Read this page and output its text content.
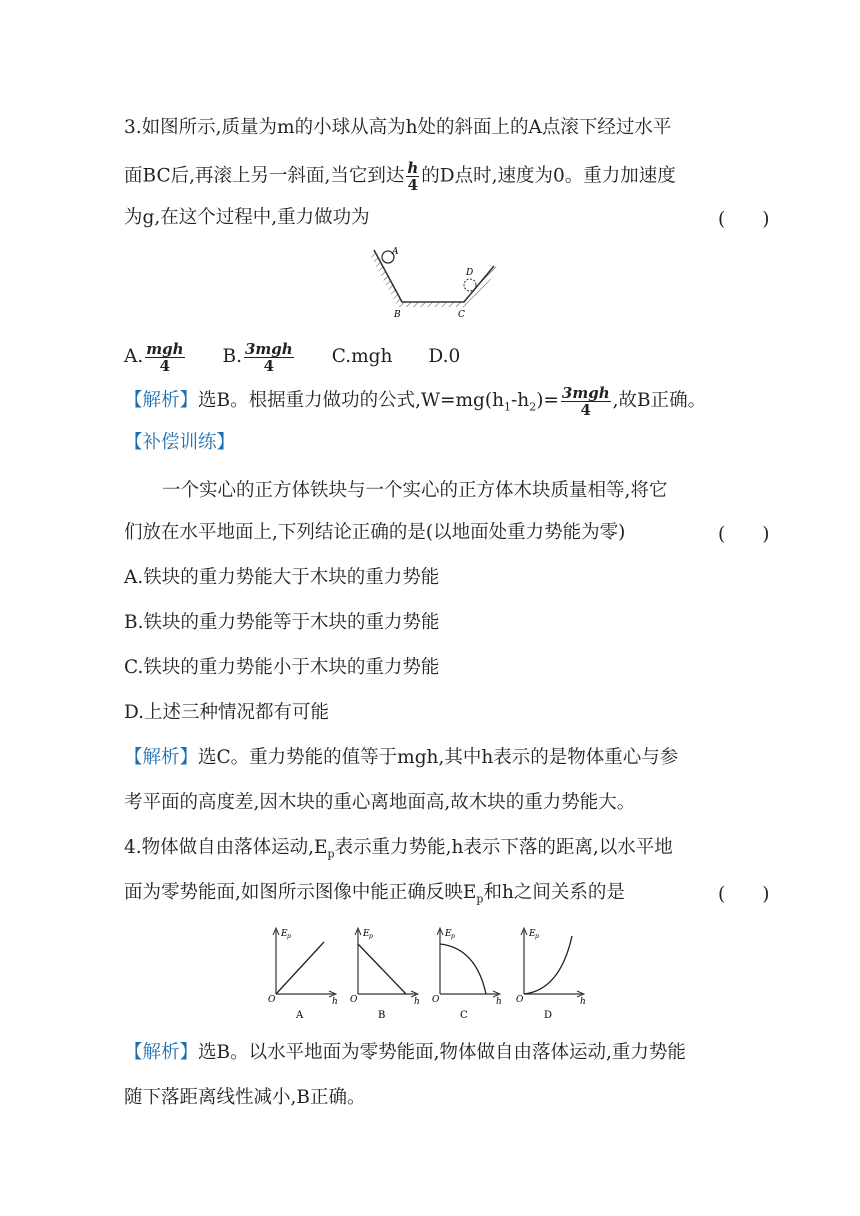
3.如图所示,质量为m的小球从高为h处的斜面上的A点滚下经过水平
面BC后,再滚上另一斜面,当它到达 $\frac{h}{4}$ 的D点时,速度为0。重力加速度
为g,在这个过程中,重力做功为	(　　)
A
B	C
D
A. $\frac{\text{mgh}}{4} B$. $\frac{\text{3mgh}}{4} C.mgh$ D.0
【解析】选B。根据重力做功的公式$,W=mg(h_1-h_2)= \frac{\text{3mgh}}{4}$ ,故B正确。
【补偿训练】
一个实心的正方体铁块与一个实心的正方体木块质量相等,将它
们放在水平地面上,下列结论正确的是(以地面处重力势能为零)	(　　)
A.铁块的重力势能大于木块的重力势能
B.铁块的重力势能等于木块的重力势能
C.铁块的重力势能小于木块的重力势能
D.上述三种情况都有可能
【解析】选C。重力势能的值等于mgh,其中h表示的是物体重心与参
考平面的高度差,因木块的重心离地面高,故木块的重力势能大。
4.物体做自由落体运动$,E_p$表示重力势能,h表示下落的距离,以水平地
面为零势能面,如图所示图像中能正确反映$E_p$和h之间关系的是	(　　)
E p
O	h
A
E p
O	h
B
E p
O	h
C
E p
O	h
D
【解析】选B。以水平地面为零势能面,物体做自由落体运动,重力势能
随下落距离线性减小,B正确。
